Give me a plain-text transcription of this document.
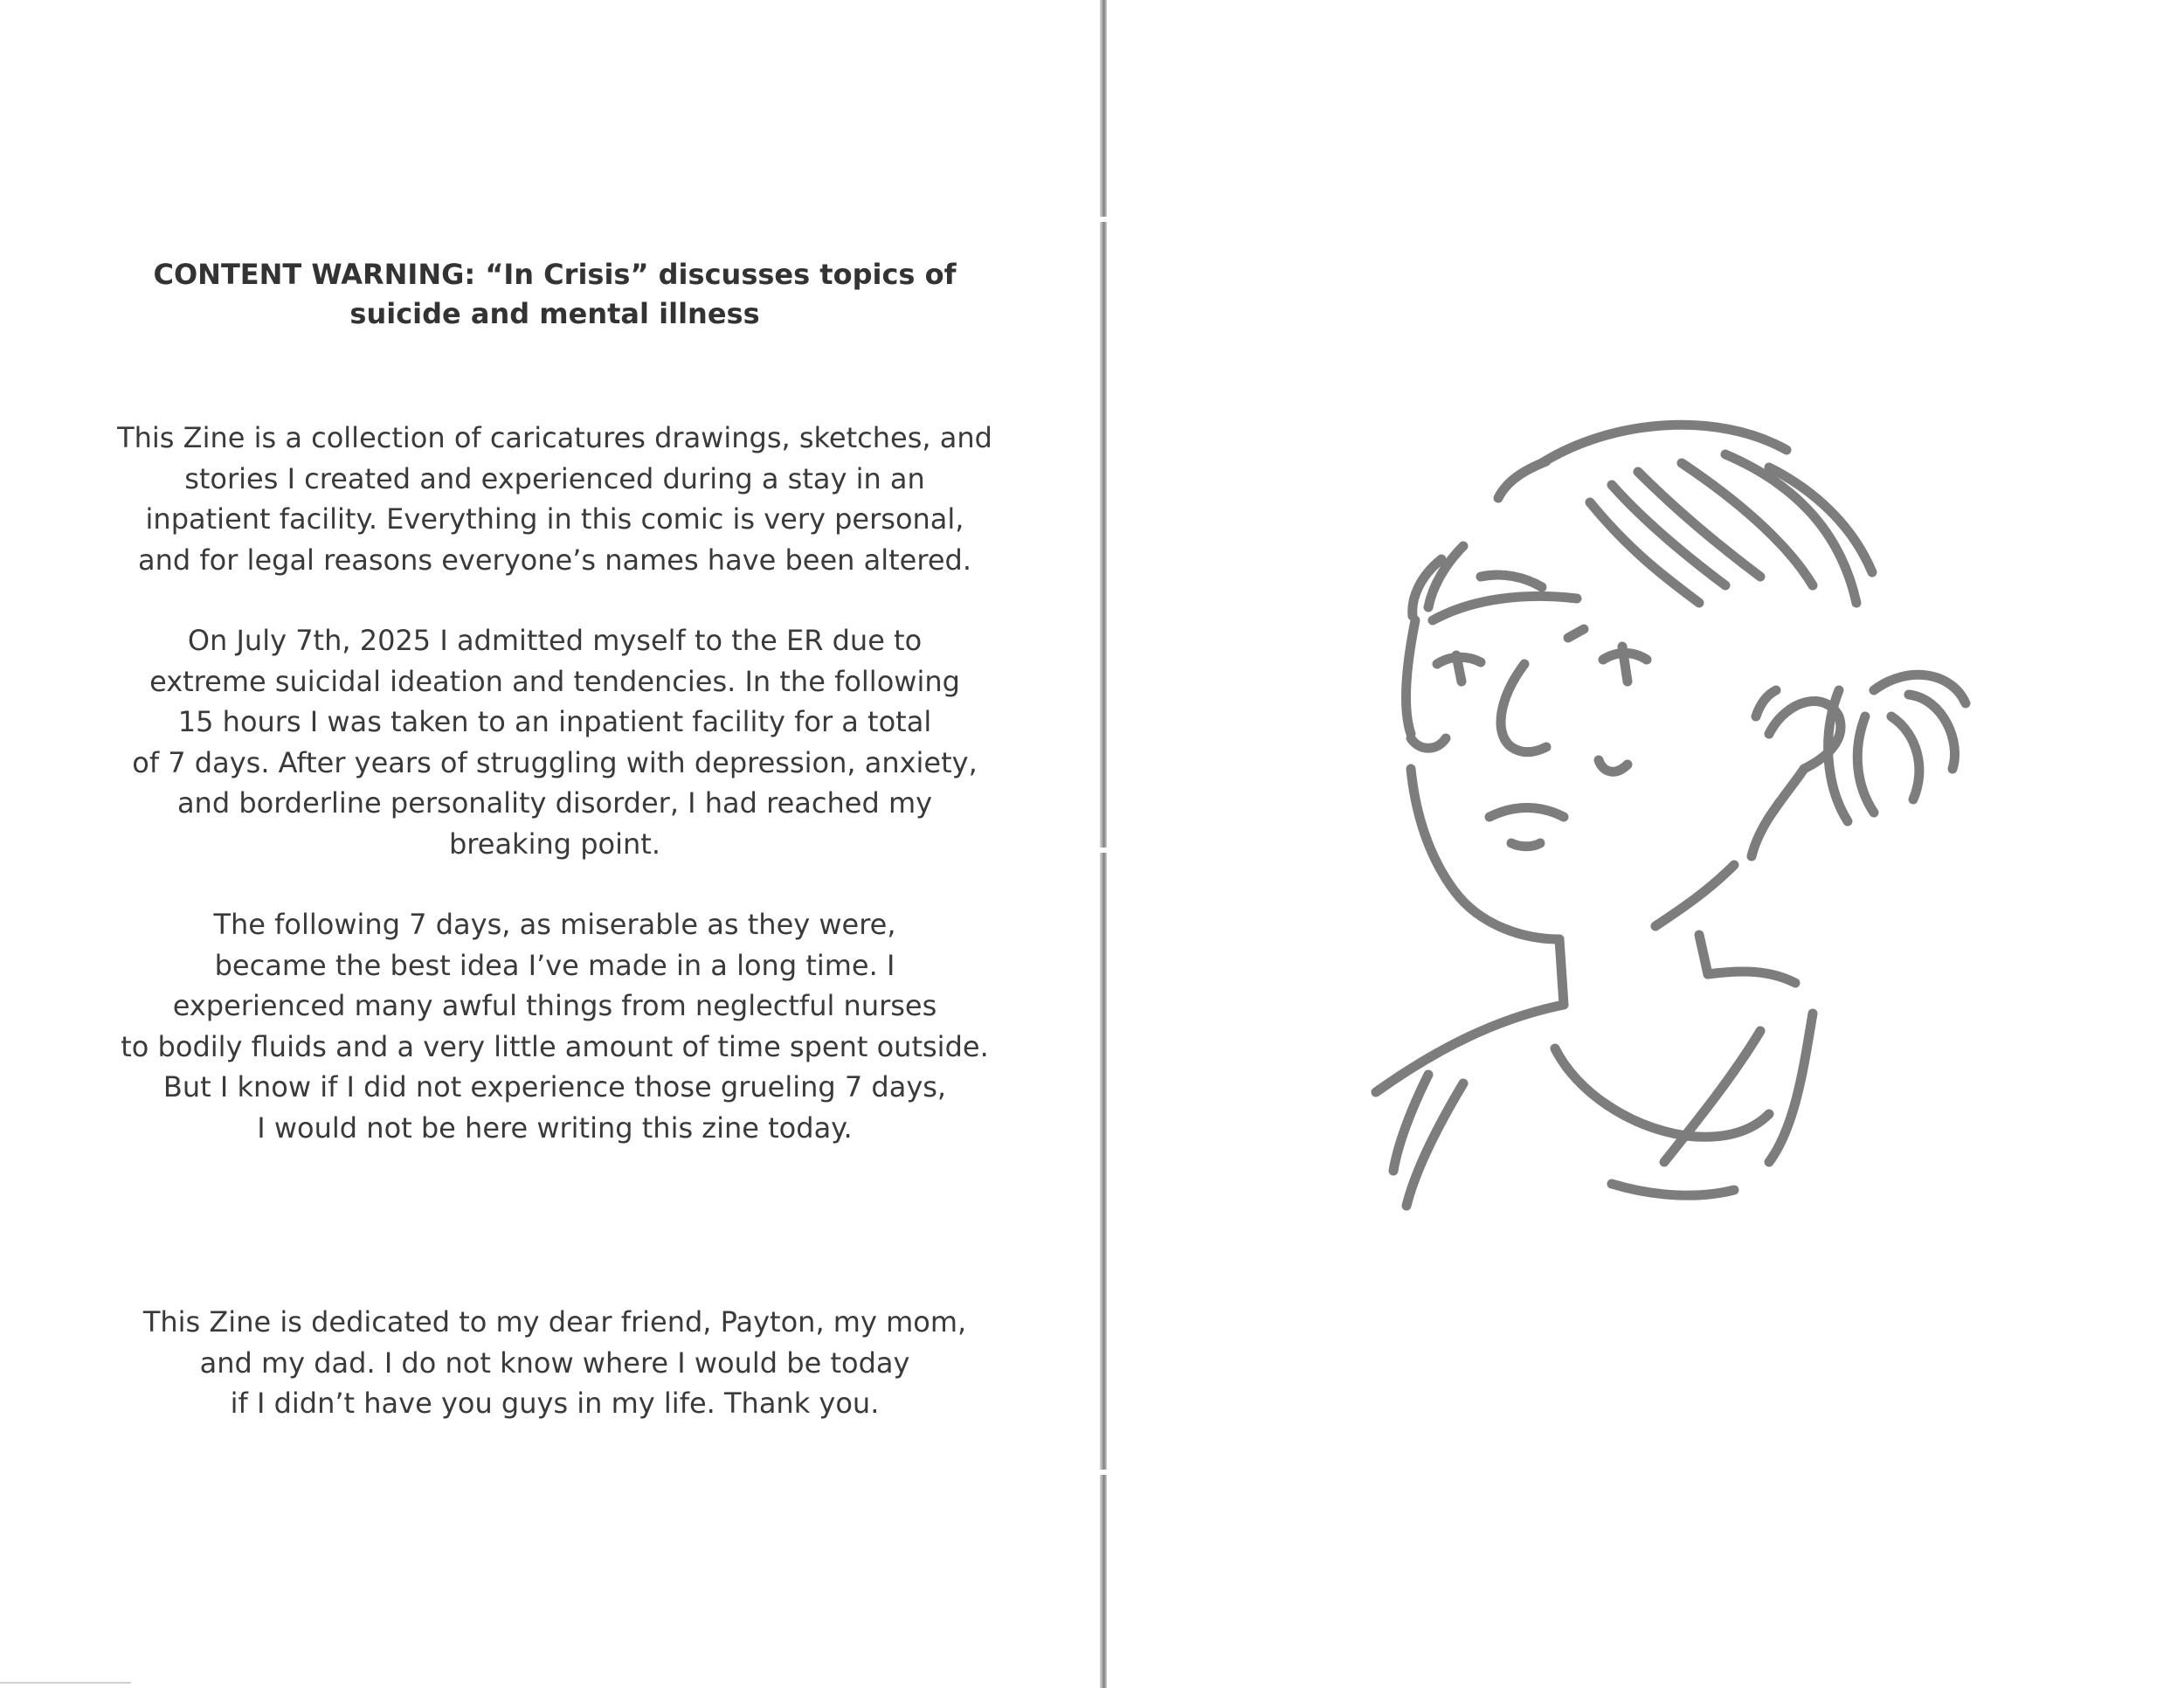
CONTENT WARNING: “In Crisis” discusses topics of
suicide and mental illness
This Zine is a collection of caricatures drawings, sketches, and
stories I created and experienced during a stay in an
inpatient facility. Everything in this comic is very personal,
and for legal reasons everyone’s names have been altered.
On July 7th, 2025 I admitted myself to the ER due to
extreme suicidal ideation and tendencies. In the following
15 hours I was taken to an inpatient facility for a total
of 7 days. After years of struggling with depression, anxiety,
and borderline personality disorder, I had reached my
breaking point.
The following 7 days, as miserable as they were,
became the best idea I’ve made in a long time. I
experienced many awful things from neglectful nurses
to bodily fluids and a very little amount of time spent outside.
But I know if I did not experience those grueling 7 days,
I would not be here writing this zine today.
This Zine is dedicated to my dear friend, Payton, my mom,
and my dad. I do not know where I would be today
if I didn’t have you guys in my life. Thank you.
